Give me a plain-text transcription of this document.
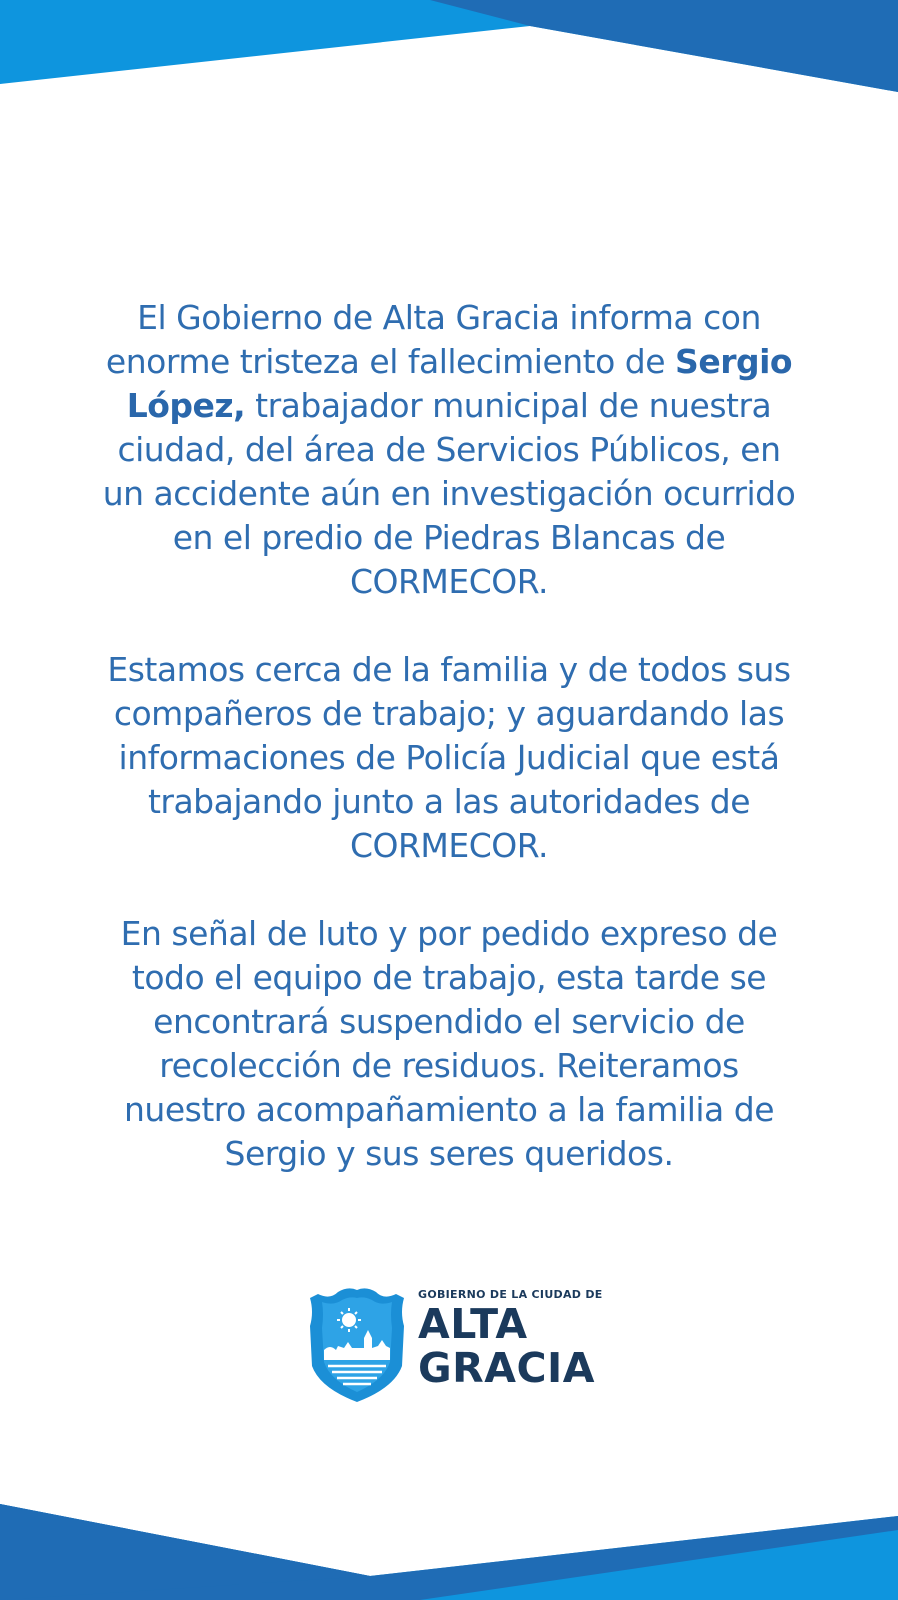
El Gobierno de Alta Gracia informa con enorme tristeza el fallecimiento de Sergio López, trabajador municipal de nuestra ciudad, del área de Servicios Públicos, en un accidente aún en investigación ocurrido en el predio de Piedras Blancas de CORMECOR.

Estamos cerca de la familia y de todos sus compañeros de trabajo; y aguardando las informaciones de Policía Judicial que está trabajando junto a las autoridades de CORMECOR.

En señal de luto y por pedido expreso de todo el equipo de trabajo, esta tarde se encontrará suspendido el servicio de recolección de residuos. Reiteramos nuestro acompañamiento a la familia de Sergio y sus seres queridos.

GOBIERNO DE LA CIUDAD DE
ALTA
GRACIA
